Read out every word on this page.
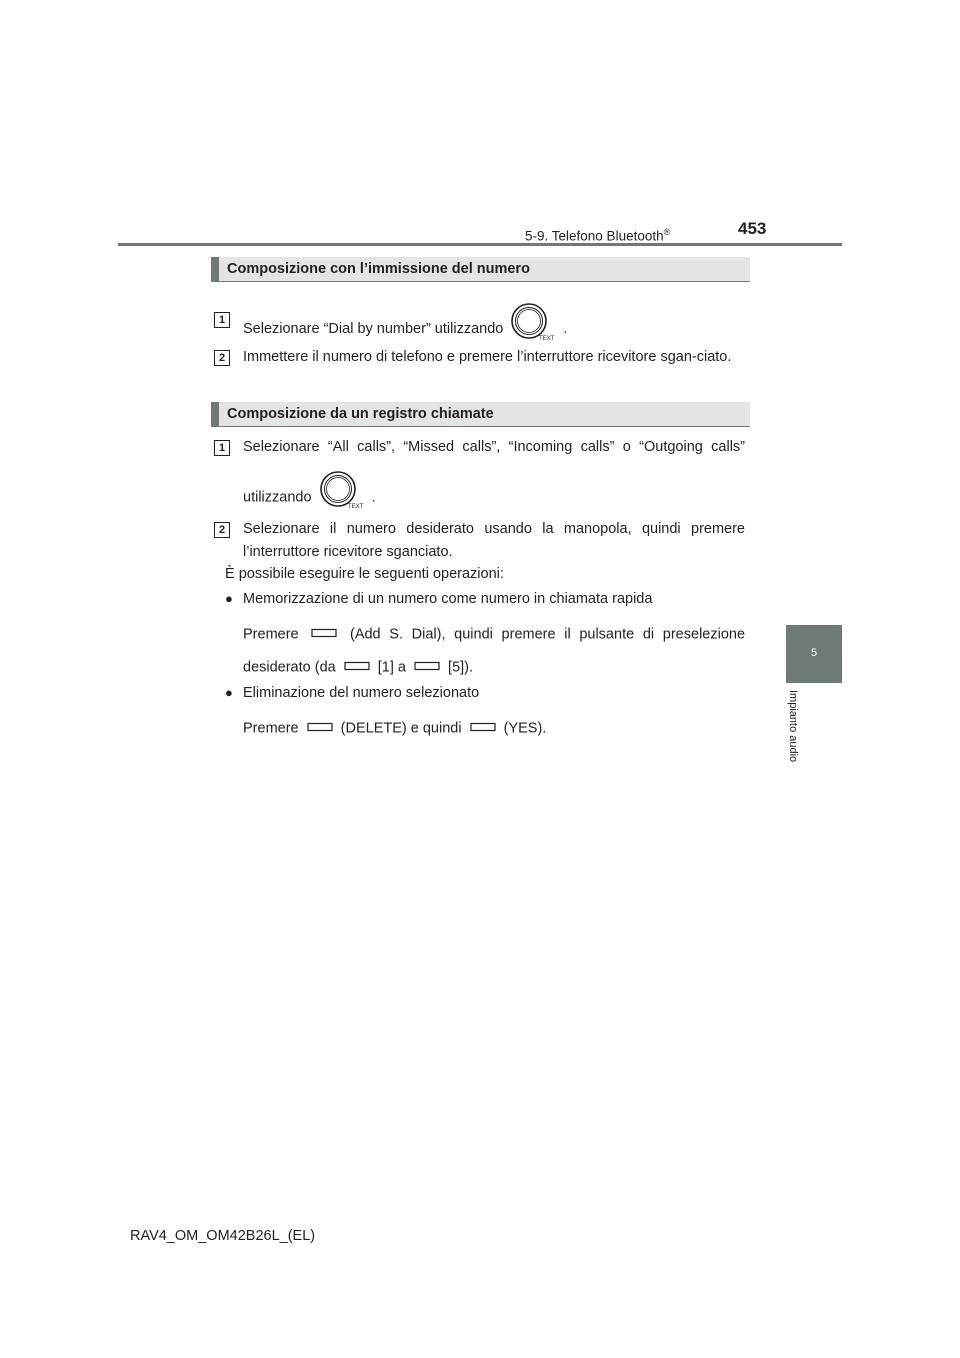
5-9. Telefono Bluetooth®	453
5
Impianto audio
Composizione con l’immissione del numero
1
Selezionare “Dial by number” utilizzando
TEXT
.
2	Immettere il numero di telefono e premere l’interruttore ricevitore sgan-ciato.
Composizione da un registro chiamate
1	Selezionare “All calls”, “Missed calls”, “Incoming calls” o “Outgoing calls”
utilizzando
TEXT
.
2	Selezionare il numero desiderato usando la manopola, quindi premere l’interruttore ricevitore sganciato.
È possibile eseguire le seguenti operazioni:
● Memorizzazione di un numero come numero in chiamata rapida
Premere	(Add S. Dial), quindi premere il pulsante di preselezione
desiderato (da	[1] a	[5]).
● Eliminazione del numero selezionato
Premere	(DELETE) e quindi	(YES).
RAV4_OM_OM42B26L_(EL)
